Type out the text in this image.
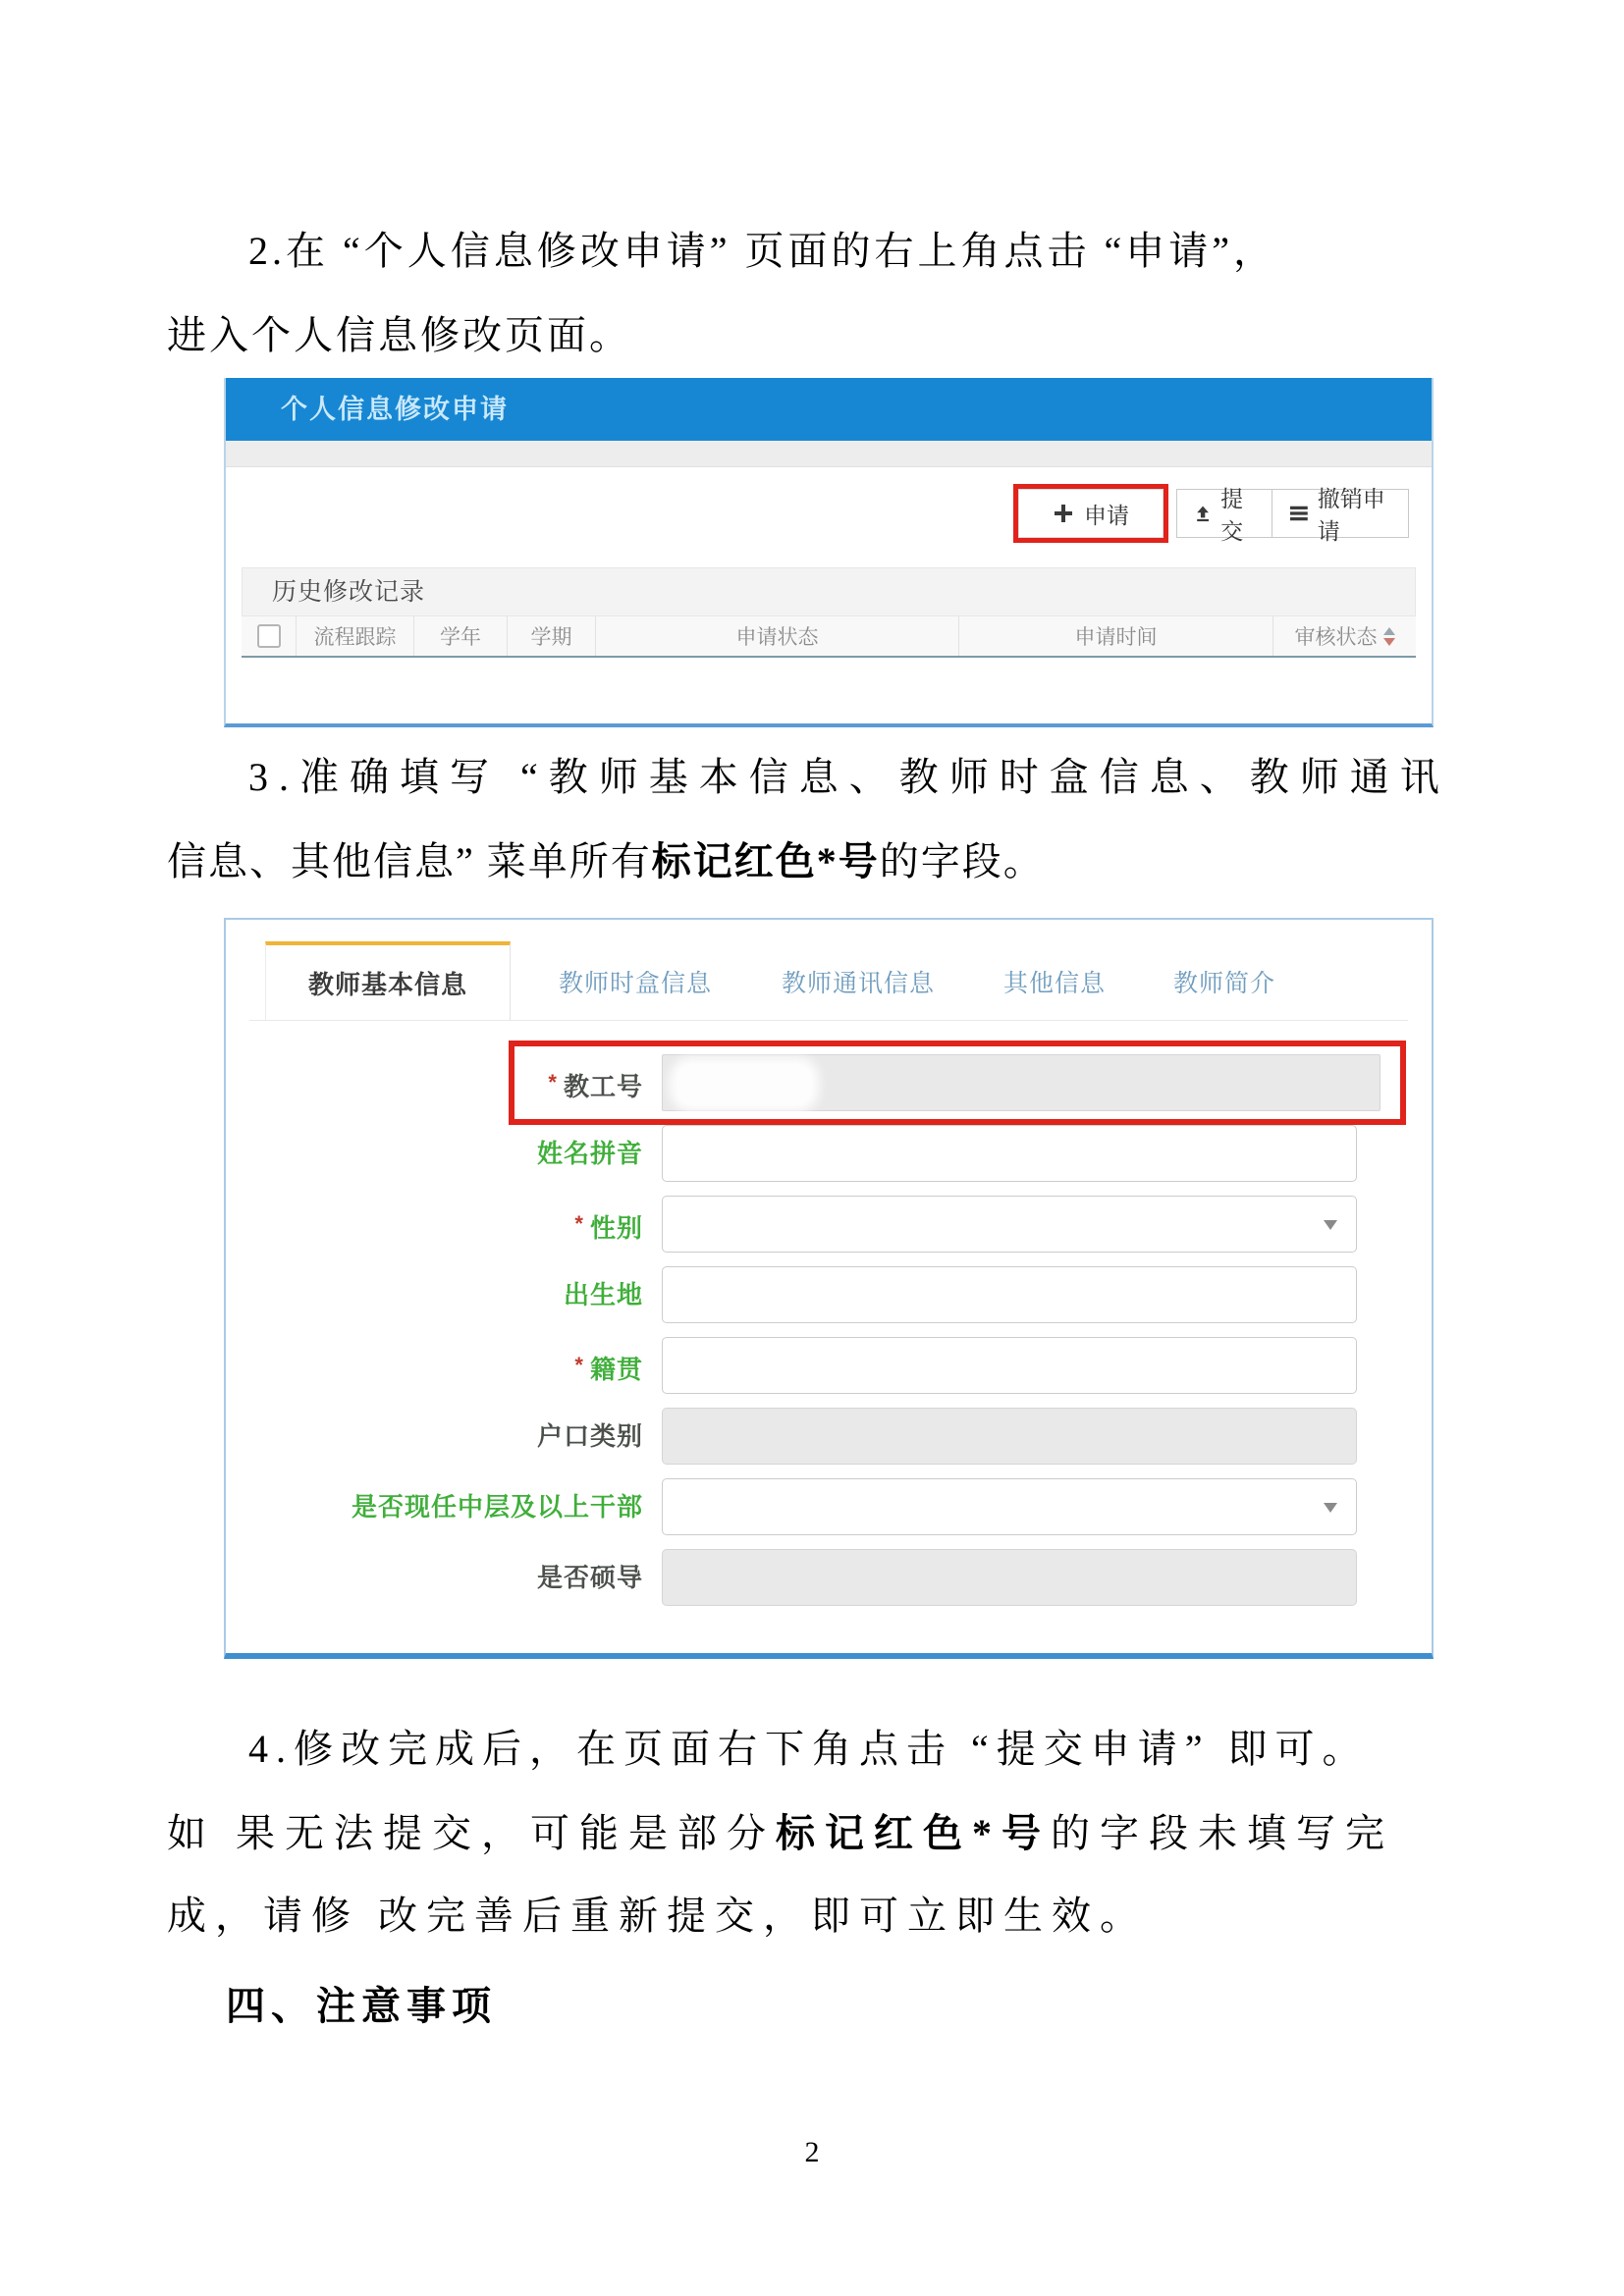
2.在 “个人信息修改申请” 页面的右上角点击 “申请”，
进入个人信息修改页面。
个人信息修改申请
申请
提交
撤销申请
历史修改记录
流程跟踪	学年	学期	申请状态	申请时间	审核状态
3.准确填写 “教师基本信息、教师时盒信息、教师通讯
信息、其他信息” 菜单所有标记红色*号的字段。
教师基本信息	教师时盒信息	教师通讯信息	其他信息	教师简介
* 教工号
姓名拼音
* 性别
出生地
* 籍贯
户口类别
是否现任中层及以上干部
是否硕导
4.修改完成后，在页面右下角点击 “提交申请” 即可。
如 果无法提交，可能是部分标记红色*号的字段未填写完
成，请修 改完善后重新提交，即可立即生效。
四、注意事项
2
